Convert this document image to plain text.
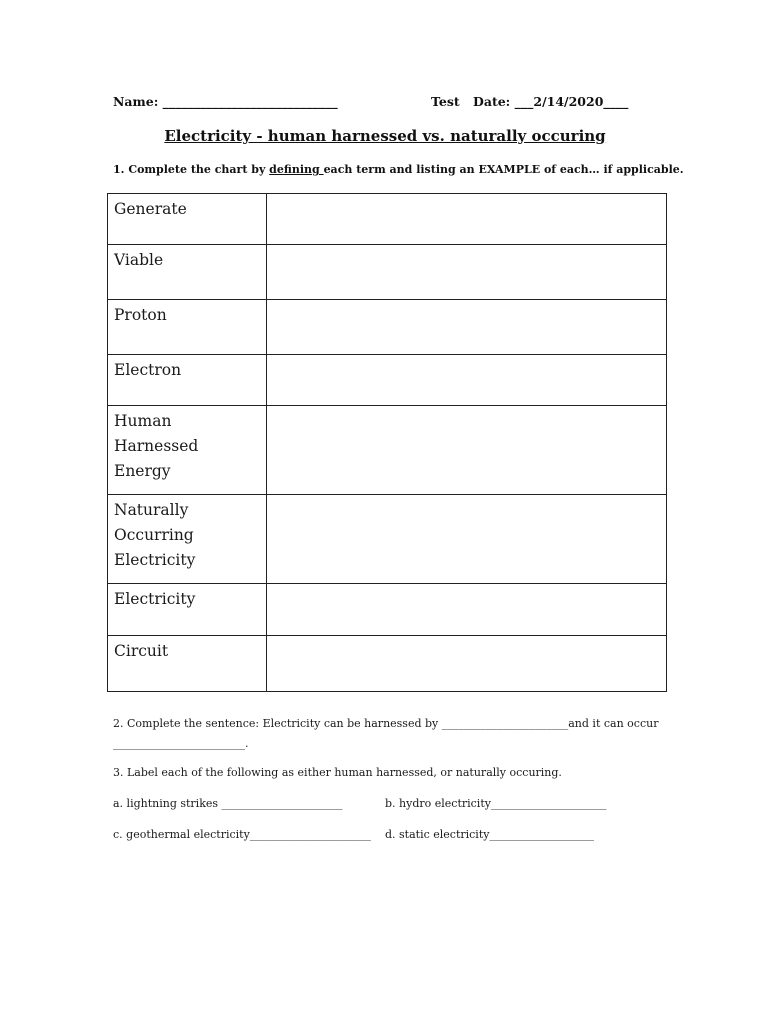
Name: ____________________________	Test Date: ___2/14/2020____
Electricity - human harnessed vs. naturally occuring
1. Complete the chart by defining each term and listing an EXAMPLE of each… if applicable.
Generate	

Viable	

Proton	

Electron	

Human
Harnessed
Energy	

Naturally
Occurring
Electricity	

Electricity	

Circuit	

2. Complete the sentence: Electricity can be harnessed by _______________________and it can occur
________________________.
3. Label each of the following as either human harnessed, or naturally occuring.
a. lightning strikes ______________________	b. hydro electricity_____________________
c. geothermal electricity______________________ d. static electricity___________________
